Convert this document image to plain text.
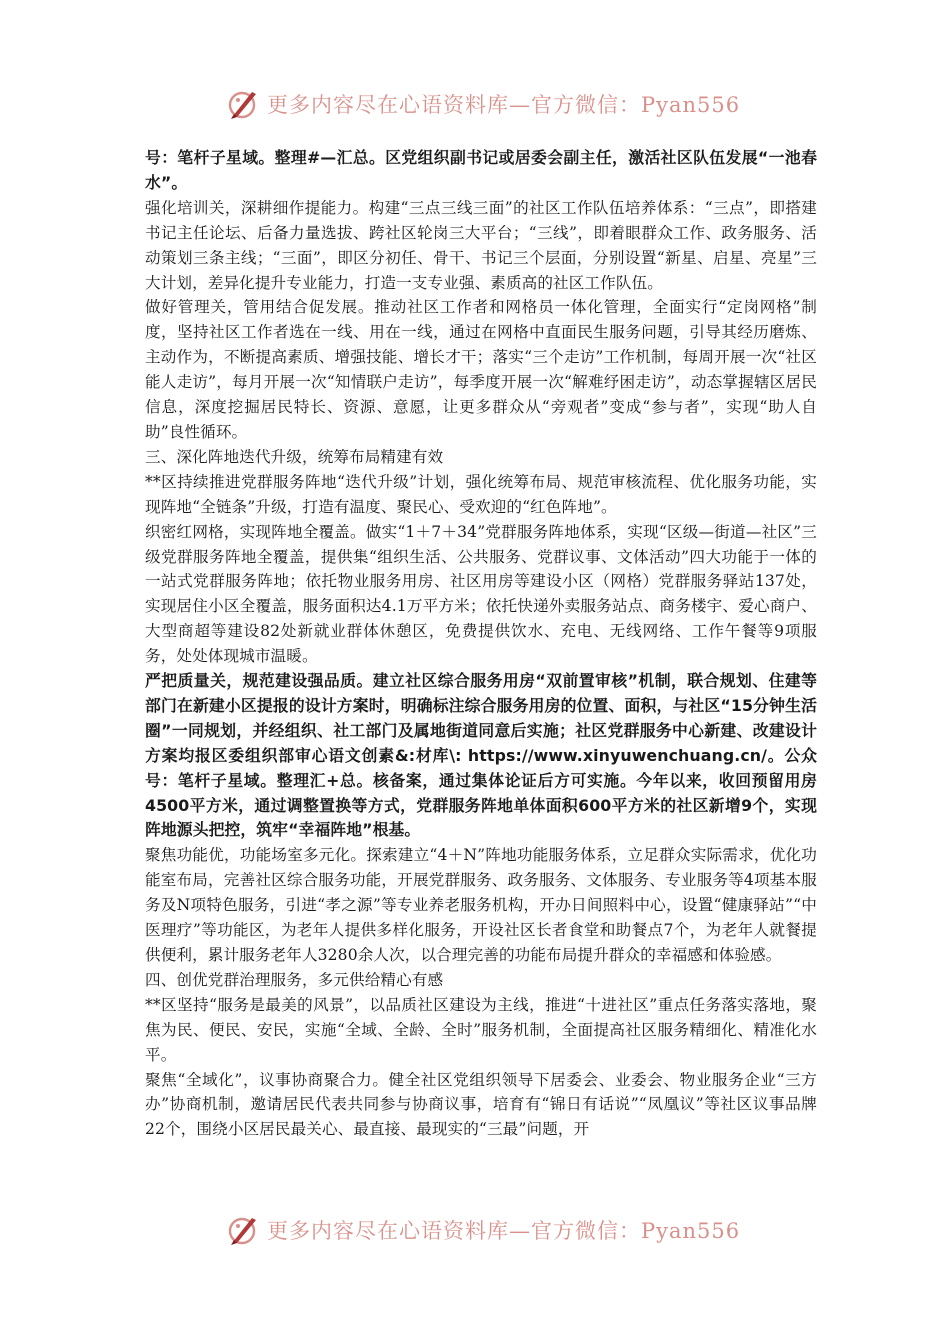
更多内容尽在心语资料库—官方微信：Pyan556

号：笔杆子星域。整理#—汇总。区党组织副书记或居委会副主任，激活社区队伍发展“一池春水”。

强化培训关，深耕细作提能力。构建“三点三线三面”的社区工作队伍培养体系：“三点”，即搭建书记主任论坛、后备力量选拔、跨社区轮岗三大平台；“三线”，即着眼群众工作、政务服务、活动策划三条主线；“三面”，即区分初任、骨干、书记三个层面，分别设置“新星、启星、亮星”三大计划，差异化提升专业能力，打造一支专业强、素质高的社区工作队伍。

做好管理关，管用结合促发展。推动社区工作者和网格员一体化管理，全面实行“定岗网格”制度，坚持社区工作者选在一线、用在一线，通过在网格中直面民生服务问题，引导其经历磨炼、主动作为，不断提高素质、增强技能、增长才干；落实“三个走访”工作机制，每周开展一次“社区能人走访”，每月开展一次“知情联户走访”，每季度开展一次“解难纾困走访”，动态掌握辖区居民信息，深度挖掘居民特长、资源、意愿，让更多群众从“旁观者”变成“参与者”，实现“助人自助”良性循环。

三、深化阵地迭代升级，统筹布局精建有效

**区持续推进党群服务阵地“迭代升级”计划，强化统筹布局、规范审核流程、优化服务功能，实现阵地“全链条”升级，打造有温度、聚民心、受欢迎的“红色阵地”。

织密红网格，实现阵地全覆盖。做实“1＋7＋34”党群服务阵地体系，实现“区级—街道—社区”三级党群服务阵地全覆盖，提供集“组织生活、公共服务、党群议事、文体活动”四大功能于一体的一站式党群服务阵地；依托物业服务用房、社区用房等建设小区（网格）党群服务驿站137处，实现居住小区全覆盖，服务面积达4.1万平方米；依托快递外卖服务站点、商务楼宇、爱心商户、大型商超等建设82处新就业群体休憩区，免费提供饮水、充电、无线网络、工作午餐等9项服务，处处体现城市温暖。

严把质量关，规范建设强品质。建立社区综合服务用房“双前置审核”机制，联合规划、住建等部门在新建小区提报的设计方案时，明确标注综合服务用房的位置、面积，与社区“15分钟生活圈”一同规划，并经组织、社工部门及属地街道同意后实施；社区党群服务中心新建、改建设计方案均报区委组织部审心语文创素&:材库\: https://www.xinyuwenchuang.cn/。公众号：笔杆子星域。整理汇+总。核备案，通过集体论证后方可实施。今年以来，收回预留用房4500平方米，通过调整置换等方式，党群服务阵地单体面积600平方米的社区新增9个，实现阵地源头把控，筑牢“幸福阵地”根基。

聚焦功能优，功能场室多元化。探索建立“4＋N”阵地功能服务体系，立足群众实际需求，优化功能室布局，完善社区综合服务功能，开展党群服务、政务服务、文体服务、专业服务等4项基本服务及N项特色服务，引进“孝之源”等专业养老服务机构，开办日间照料中心，设置“健康驿站”“中医理疗”等功能区，为老年人提供多样化服务，开设社区长者食堂和助餐点7个，为老年人就餐提供便利，累计服务老年人3280余人次，以合理完善的功能布局提升群众的幸福感和体验感。

四、创优党群治理服务，多元供给精心有感

**区坚持“服务是最美的风景”，以品质社区建设为主线，推进“十进社区”重点任务落实落地，聚焦为民、便民、安民，实施“全域、全龄、全时”服务机制，全面提高社区服务精细化、精准化水平。

聚焦“全域化”，议事协商聚合力。健全社区党组织领导下居委会、业委会、物业服务企业“三方办”协商机制，邀请居民代表共同参与协商议事，培育有“锦日有话说”“凤凰议”等社区议事品牌22个，围绕小区居民最关心、最直接、最现实的“三最”问题，开

更多内容尽在心语资料库—官方微信：Pyan556
